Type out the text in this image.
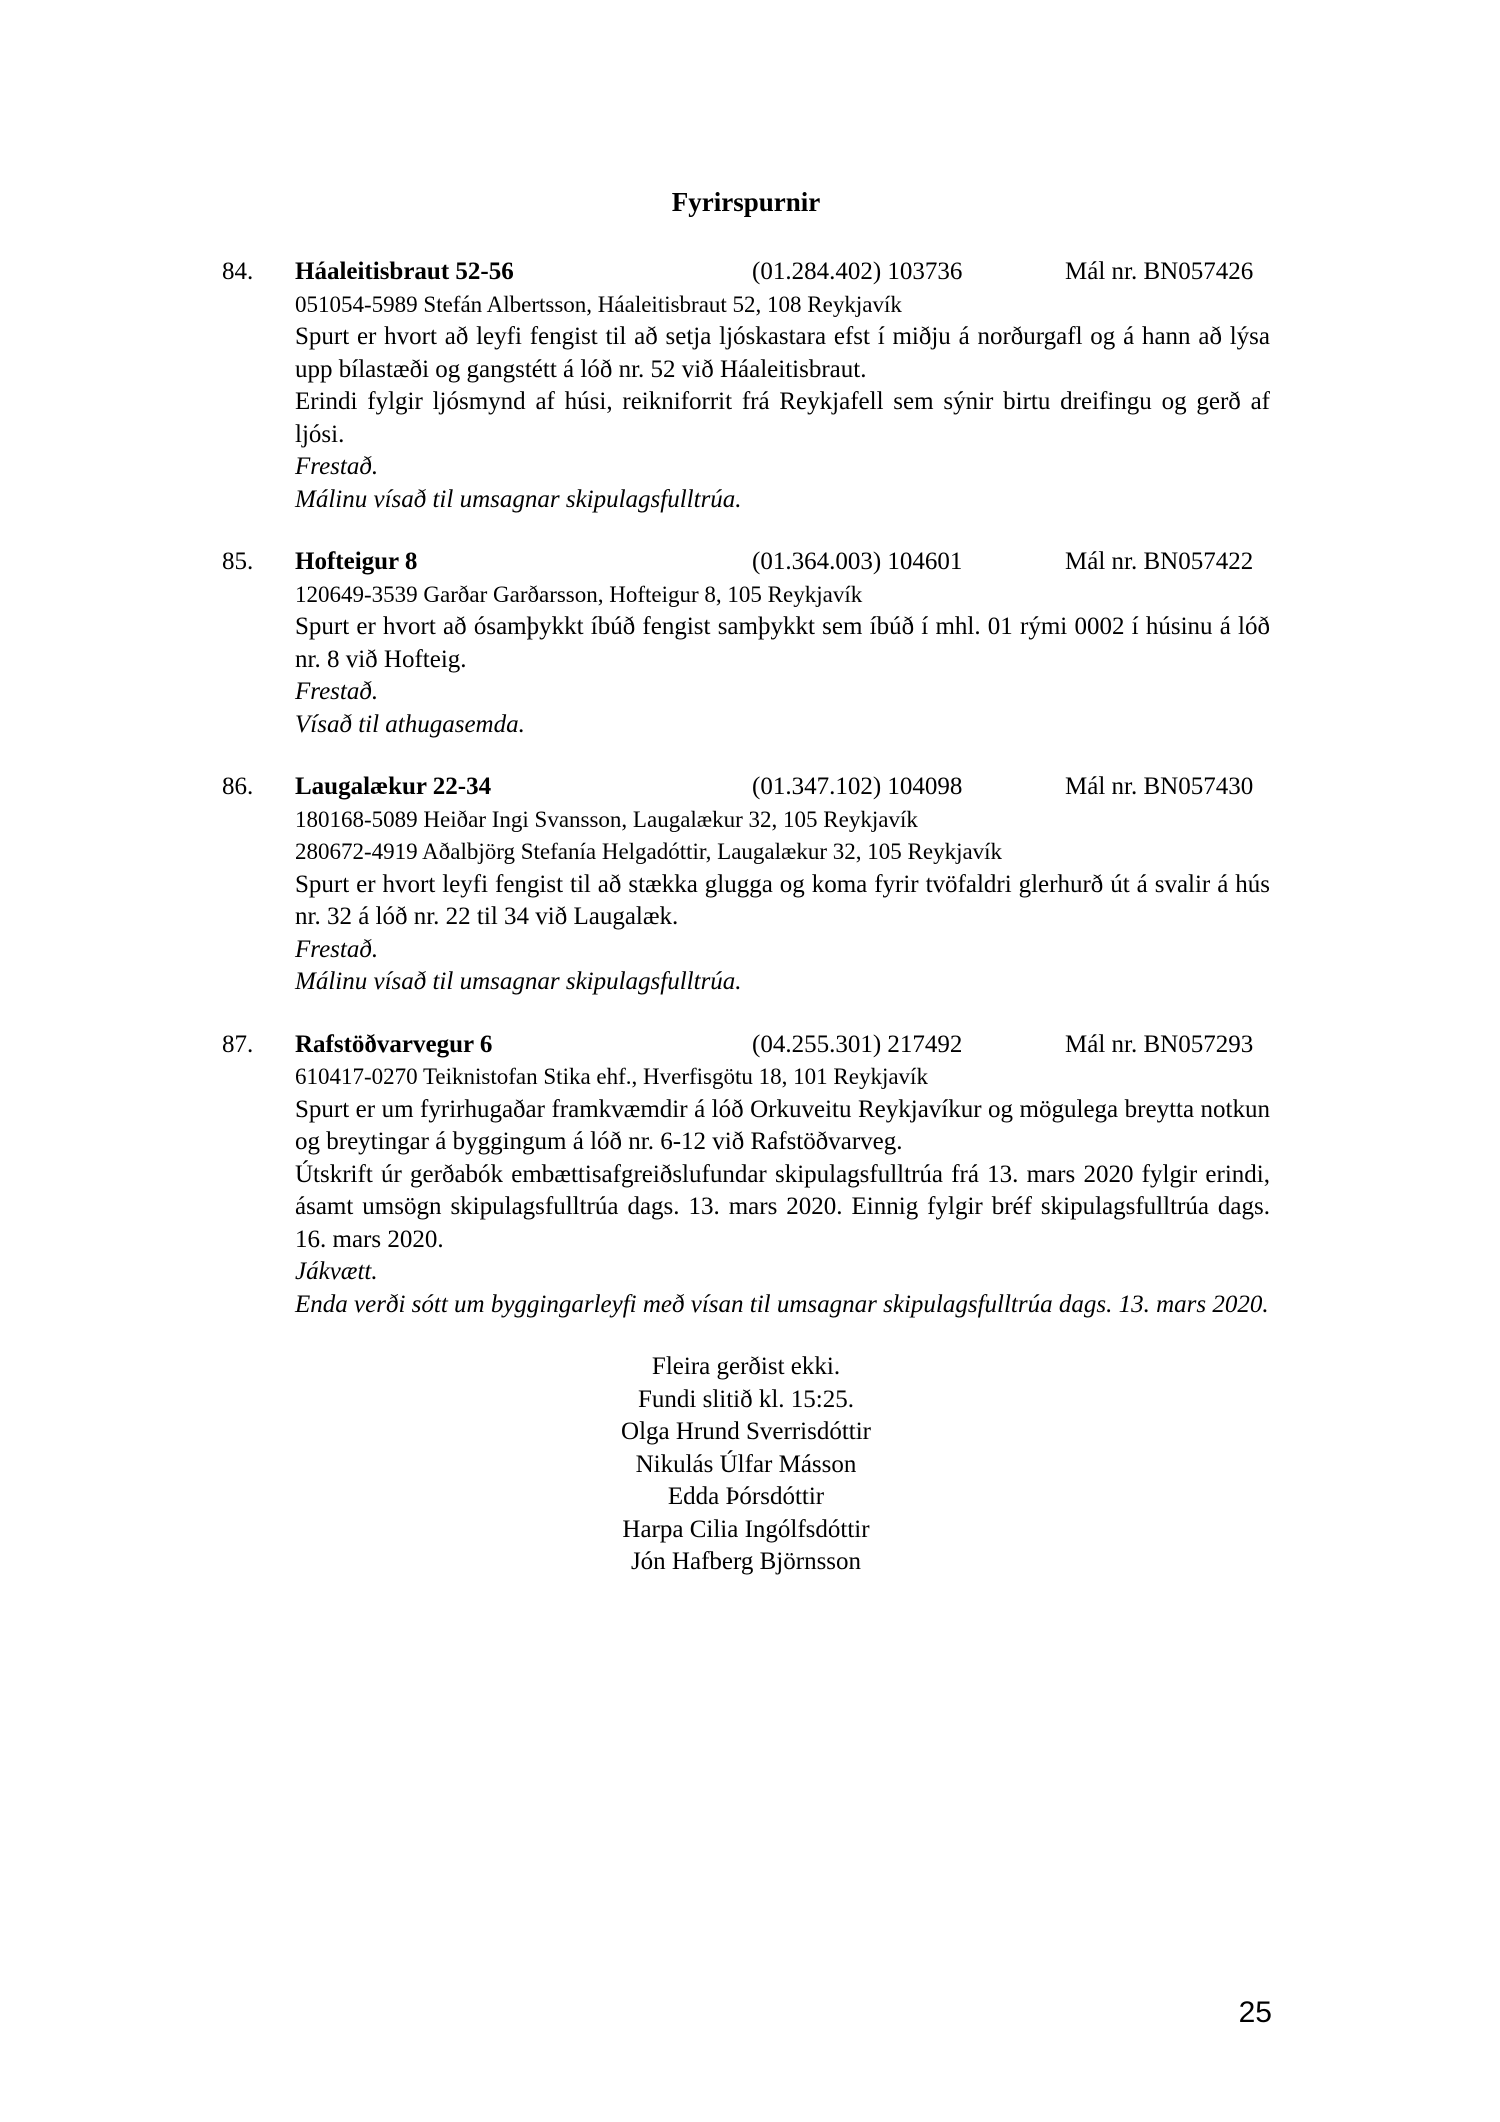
Fyrirspurnir
84.	Háaleitisbraut 52-56	(01.284.402) 103736	Mál nr. BN057426
051054-5989 Stefán Albertsson, Háaleitisbraut 52, 108 Reykjavík

Spurt er hvort að leyfi fengist til að setja ljóskastara efst í miðju á norðurgafl og á hann að lýsa upp bílastæði og gangstétt á lóð nr. 52 við Háaleitisbraut.

Erindi fylgir ljósmynd af húsi, reikniforrit frá Reykjafell sem sýnir birtu dreifingu og gerð af ljósi.

Frestað.
Málinu vísað til umsagnar skipulagsfulltrúa.
85.	Hofteigur 8	(01.364.003) 104601	Mál nr. BN057422
120649-3539 Garðar Garðarsson, Hofteigur 8, 105 Reykjavík

Spurt er hvort að ósamþykkt íbúð fengist samþykkt sem íbúð í mhl. 01 rými 0002 í húsinu á lóð nr. 8 við Hofteig.

Frestað.
Vísað til athugasemda.
86.	Laugalækur 22-34	(01.347.102) 104098	Mál nr. BN057430
180168-5089 Heiðar Ingi Svansson, Laugalækur 32, 105 Reykjavík
280672-4919 Aðalbjörg Stefanía Helgadóttir, Laugalækur 32, 105 Reykjavík

Spurt er hvort leyfi fengist til að stækka glugga og koma fyrir tvöfaldri glerhurð út á svalir á hús nr. 32 á lóð nr. 22 til 34 við Laugalæk.

Frestað.
Málinu vísað til umsagnar skipulagsfulltrúa.
87.	Rafstöðvarvegur 6	(04.255.301) 217492	Mál nr. BN057293
610417-0270 Teiknistofan Stika ehf., Hverfisgötu 18, 101 Reykjavík

Spurt er um fyrirhugaðar framkvæmdir á lóð Orkuveitu Reykjavíkur og mögulega breytta notkun og breytingar á byggingum á lóð nr. 6-12 við Rafstöðvarveg.

Útskrift úr gerðabók embættisafgreiðslufundar skipulagsfulltrúa frá 13. mars 2020 fylgir erindi, ásamt umsögn skipulagsfulltrúa dags. 13. mars 2020. Einnig fylgir bréf skipulagsfulltrúa dags. 16. mars 2020.

Jákvætt.
Enda verði sótt um byggingarleyfi með vísan til umsagnar skipulagsfulltrúa dags. 13. mars 2020.
Fleira gerðist ekki.
Fundi slitið kl. 15:25.
Olga Hrund Sverrisdóttir
Nikulás Úlfar Másson
Edda Þórsdóttir
Harpa Cilia Ingólfsdóttir
Jón Hafberg Björnsson
25
